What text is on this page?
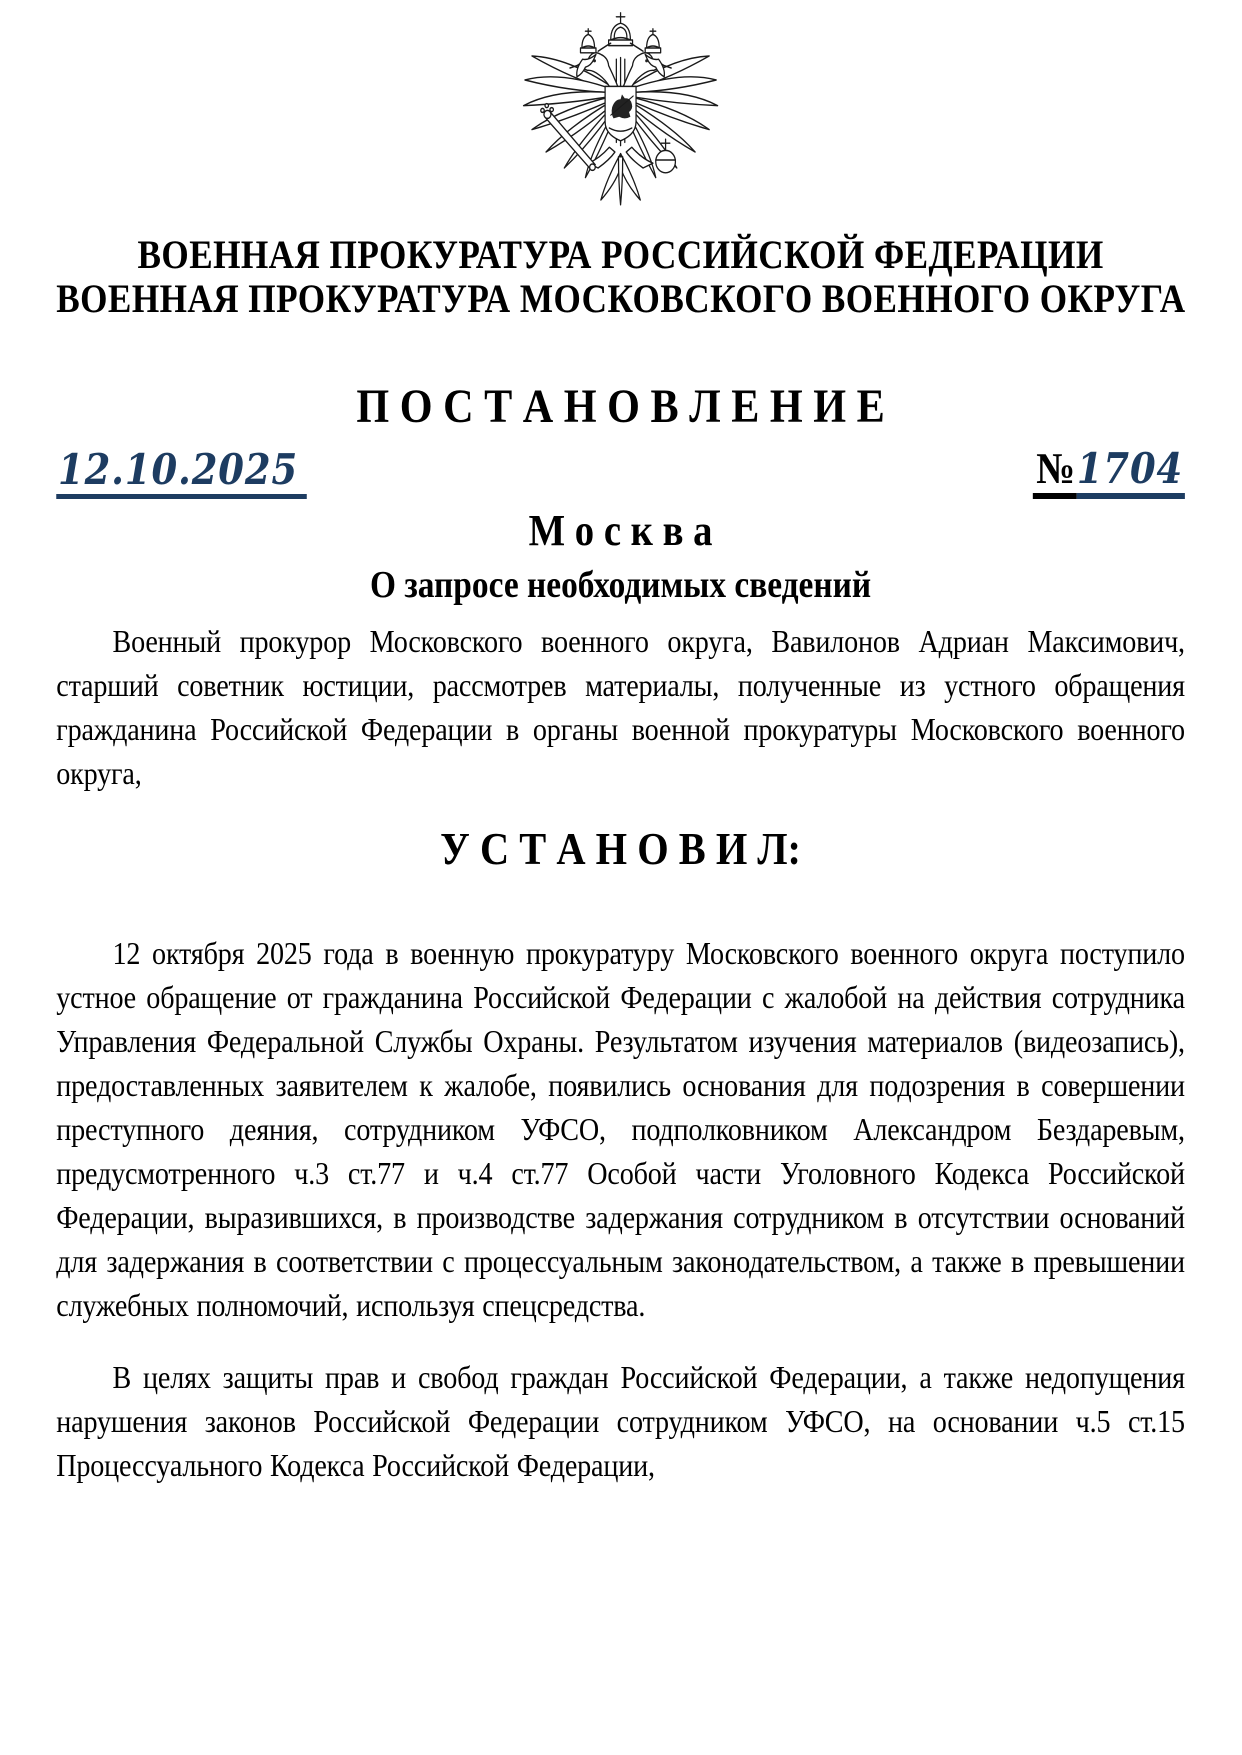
ВОЕННАЯ ПРОКУРАТУРА РОССИЙСКОЙ ФЕДЕРАЦИИ
ВОЕННАЯ ПРОКУРАТУРА МОСКОВСКОГО ВОЕННОГО ОКРУГА
П О С Т А Н О В Л Е Н И Е
12.10.2025	№ 1704
М о с к в а
О запросе необходимых сведений
Военный прокурор Московского военного округа, Вавилонов Адриан Максимович, старший советник юстиции, рассмотрев материалы, полученные из устного обращения гражданина Российской Федерации в органы военной прокуратуры Московского военного округа,
У С Т А Н О В И Л:
12 октября 2025 года в военную прокуратуру Московского военного округа поступило устное обращение от гражданина Российской Федерации с жалобой на действия сотрудника Управления Федеральной Службы Охраны. Результатом изучения материалов (видеозапись), предоставленных заявителем к жалобе, появились основания для подозрения в совершении преступного деяния, сотрудником УФСО, подполковником Александром Бездаревым, предусмотренного ч.3 ст.77 и ч.4 ст.77 Особой части Уголовного Кодекса Российской Федерации, выразившихся, в производстве задержания сотрудником в отсутствии оснований для задержания в соответствии с процессуальным законодательством, а также в превышении служебных полномочий, используя спецсредства.
В целях защиты прав и свобод граждан Российской Федерации, а также недопущения нарушения законов Российской Федерации сотрудником УФСО, на основании ч.5 ст.15 Процессуального Кодекса Российской Федерации,
